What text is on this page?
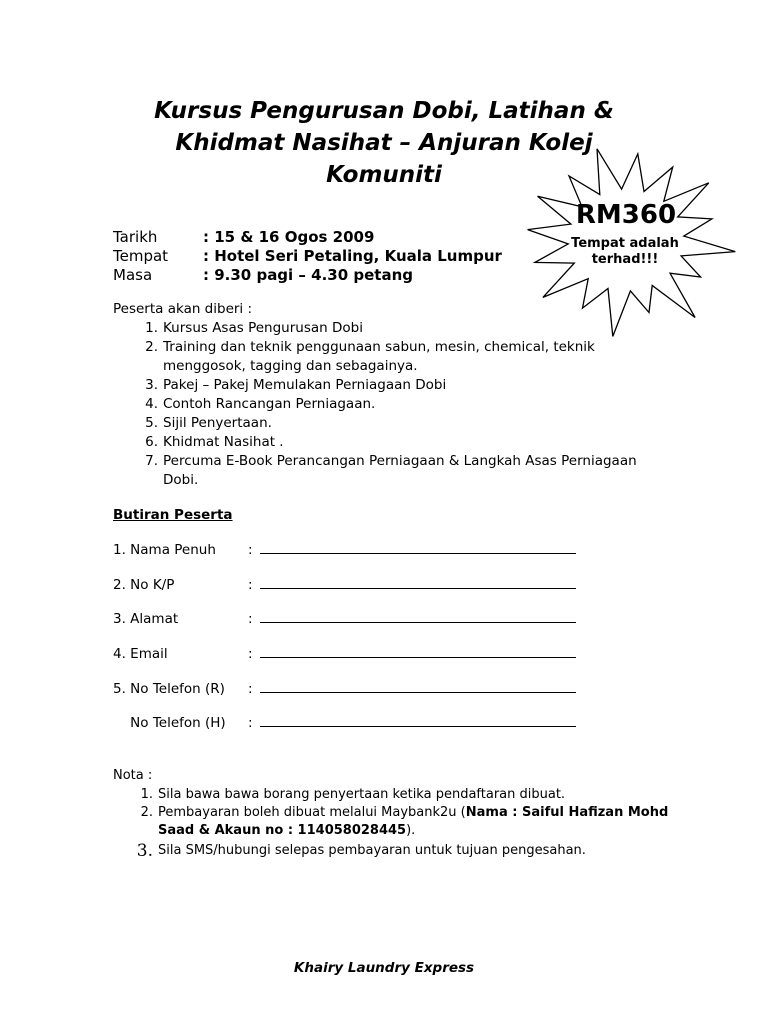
Kursus Pengurusan Dobi, Latihan &
Khidmat Nasihat – Anjuran Kolej
Komuniti
RM360
Tempat adalah
terhad!!!
Tarikh	: 15 & 16 Ogos 2009
Tempat : Hotel Seri Petaling, Kuala Lumpur
Masa	: 9.30 pagi – 4.30 petang
Peserta akan diberi :
1. Kursus Asas Pengurusan Dobi
2. Training dan teknik penggunaan sabun, mesin, chemical, teknik menggosok, tagging dan sebagainya.
3. Pakej – Pakej Memulakan Perniagaan Dobi
4. Contoh Rancangan Perniagaan.
5. Sijil Penyertaan.
6. Khidmat Nasihat .
7. Percuma E-Book Perancangan Perniagaan & Langkah Asas Perniagaan Dobi.
Butiran Peserta
1. Nama Penuh :
2. No K/P	:
3. Alamat	:
4. Email	:
5. No Telefon (R) :
No Telefon (H) :
Nota :
1. Sila bawa bawa borang penyertaan ketika pendaftaran dibuat.
2. Pembayaran boleh dibuat melalui Maybank2u (Nama : Saiful Hafizan Mohd Saad & Akaun no : 114058028445).
3. Sila SMS/hubungi selepas pembayaran untuk tujuan pengesahan.
Khairy Laundry Express
